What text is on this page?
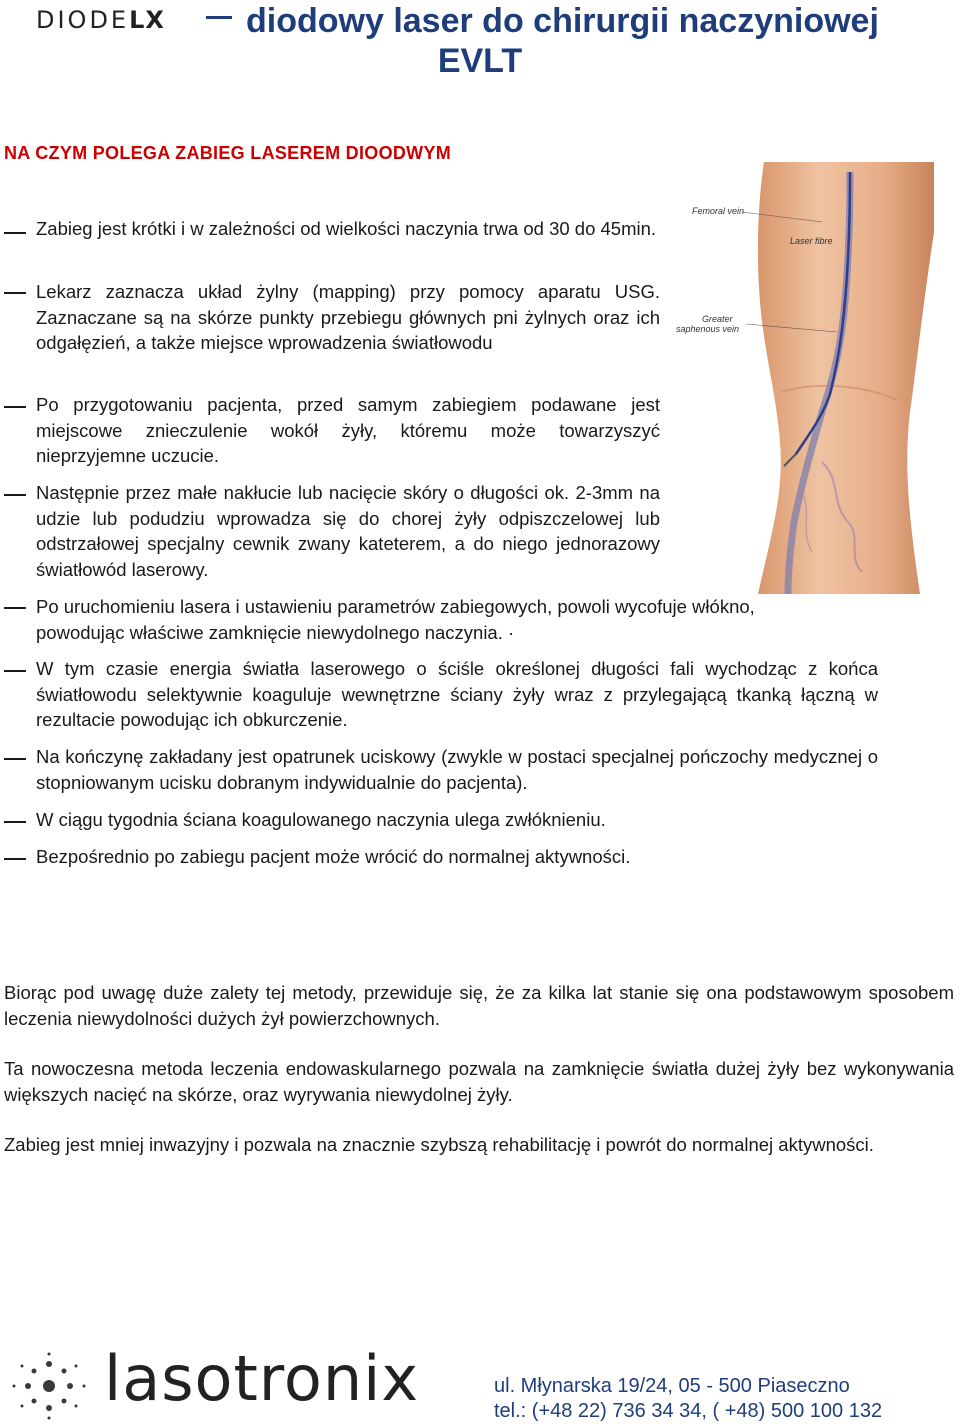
DIODELX diodowy laser do chirurgii naczyniowej
EVLT
NA CZYM POLEGA ZABIEG LASEREM DIOODWYM
Zabieg jest krótki i w zależności od wielkości naczynia trwa od 30 do 45min.
Lekarz zaznacza układ żylny (mapping) przy pomocy aparatu USG. Zaznaczane są na skórze punkty przebiegu głównych pni żylnych oraz ich odgałęzień, a także miejsce wprowadzenia światłowodu
Po przygotowaniu pacjenta, przed samym zabiegiem podawane jest miejscowe znieczulenie wokół żyły, któremu może towarzyszyć nieprzyjemne uczucie.
Następnie przez małe nakłucie lub nacięcie skóry o długości ok. 2-3mm na udzie lub podudziu wprowadza się do chorej żyły odpiszczelowej lub odstrzałowej specjalny cewnik zwany kateterem, a do niego jednorazowy światłowód laserowy.
Po uruchomieniu lasera i ustawieniu parametrów zabiegowych, powoli wycofuje włókno, powodując właściwe zamknięcie niewydolnego naczynia. ·
W tym czasie energia światła laserowego o ściśle określonej długości fali wychodząc z końca światłowodu selektywnie koaguluje wewnętrzne ściany żyły wraz z przylegającą tkanką łączną w rezultacie powodując ich obkurczenie.
Na kończynę zakładany jest opatrunek uciskowy (zwykle w postaci specjalnej pończochy medycznej o stopniowanym ucisku dobranym indywidualnie do pacjenta).
W ciągu tygodnia ściana koagulowanego naczynia ulega zwłóknieniu.
Bezpośrednio po zabiegu pacjent może wrócić do normalnej aktywności.
Femoral vein
Laser fibre
Greater
saphenous vein
Biorąc pod uwagę duże zalety tej metody, przewiduje się, że za kilka lat stanie się ona podstawowym sposobem leczenia niewydolności dużych żył powierzchownych.
Ta nowoczesna metoda leczenia endowaskularnego pozwala na zamknięcie światła dużej żyły bez wykonywania większych nacięć na skórze, oraz wyrywania niewydolnej żyły.
Zabieg jest mniej inwazyjny i pozwala na znacznie szybszą rehabilitację i powrót do normalnej aktywności.
lasotronix	ul. Młynarska 19/24, 05 - 500 Piaseczno
tel.: (+48 22) 736 34 34, ( +48) 500 100 132
